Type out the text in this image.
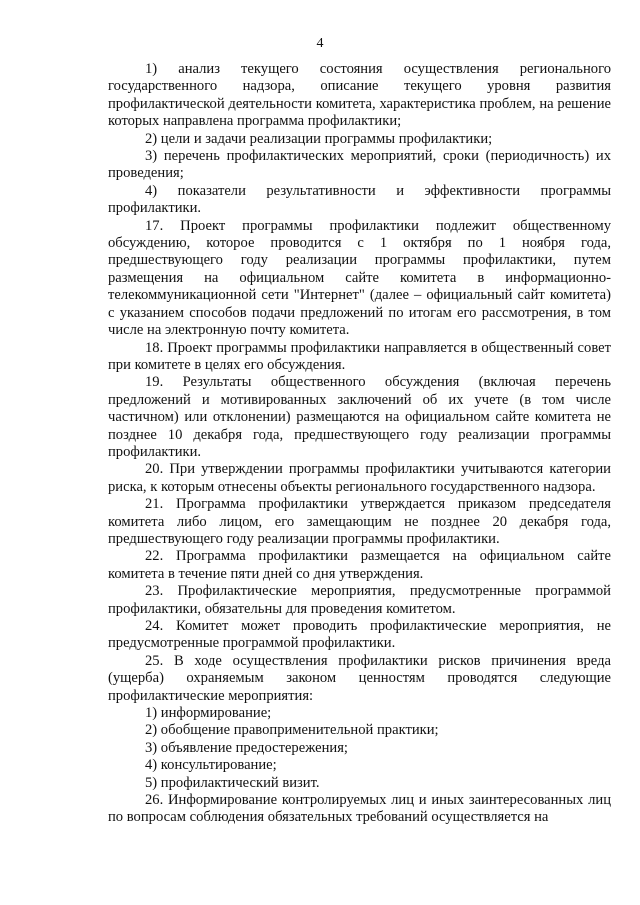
4

1) анализ текущего состояния осуществления регионального государственного надзора, описание текущего уровня развития профилактической деятельности комитета, характеристика проблем, на решение которых направлена программа профилактики;

2) цели и задачи реализации программы профилактики;

3) перечень профилактических мероприятий, сроки (периодичность) их проведения;

4) показатели результативности и эффективности программы профилактики.

17. Проект программы профилактики подлежит общественному обсуждению, которое проводится с 1 октября по 1 ноября года, предшествующего году реализации программы профилактики, путем размещения на официальном сайте комитета в информационно-телекоммуникационной сети "Интернет" (далее – официальный сайт комитета) с указанием способов подачи предложений по итогам его рассмотрения, в том числе на электронную почту комитета.

18. Проект программы профилактики направляется в общественный совет при комитете в целях его обсуждения.

19. Результаты общественного обсуждения (включая перечень предложений и мотивированных заключений об их учете (в том числе частичном) или отклонении) размещаются на официальном сайте комитета не позднее 10 декабря года, предшествующего году реализации программы профилактики.

20. При утверждении программы профилактики учитываются категории риска, к которым отнесены объекты регионального государственного надзора.

21. Программа профилактики утверждается приказом председателя комитета либо лицом, его замещающим не позднее 20 декабря года, предшествующего году реализации программы профилактики.

22. Программа профилактики размещается на официальном сайте комитета в течение пяти дней со дня утверждения.

23. Профилактические мероприятия, предусмотренные программой профилактики, обязательны для проведения комитетом.

24. Комитет может проводить профилактические мероприятия, не предусмотренные программой профилактики.

25. В ходе осуществления профилактики рисков причинения вреда (ущерба) охраняемым законом ценностям проводятся следующие профилактические мероприятия:

1) информирование;

2) обобщение правоприменительной практики;

3) объявление предостережения;

4) консультирование;

5) профилактический визит.

26. Информирование контролируемых лиц и иных заинтересованных лиц по вопросам соблюдения обязательных требований осуществляется на
